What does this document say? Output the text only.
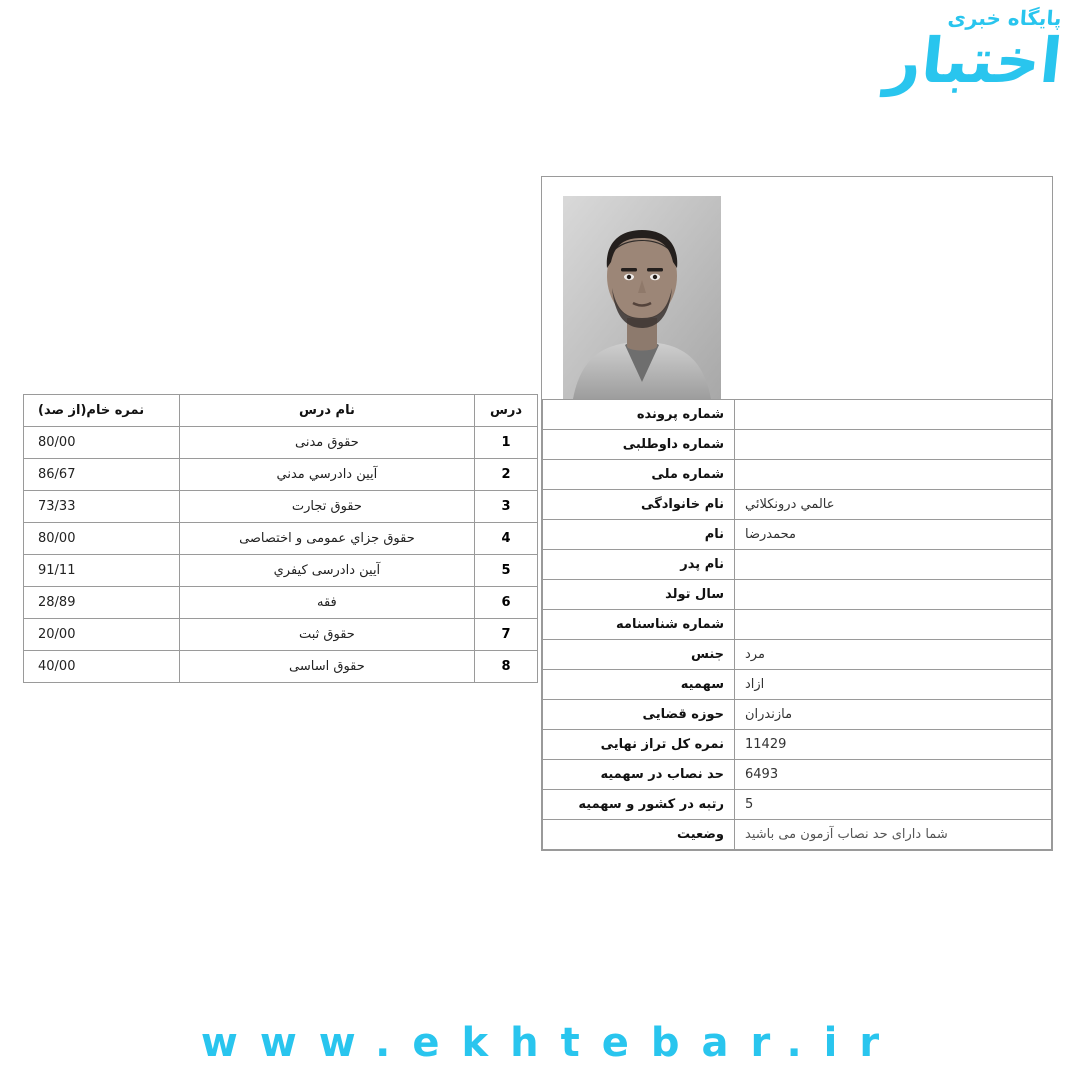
پایگاه خبری
اختبار
	شماره پرونده
	شماره داوطلبی
	شماره ملی
عالمي درونكلائي	نام خانوادگی
محمدرضا	نام
	نام پدر
	سال تولد
	شماره شناسنامه
مرد	جنس
ازاد	سهمیه
مازندران	حوزه قضایی
11429	نمره کل تراز نهایی
6493	حد نصاب در سهمیه
5	رتبه در کشور و سهمیه
شما دارای حد نصاب آزمون می باشید	وضعیت
درس	نام درس	نمره خام(از صد)
1	حقوق مدنی	80/00
2	آیین دادرسي مدني	86/67
3	حقوق تجارت	73/33
4	حقوق جزاي عمومی و اختصاصی	80/00
5	آیین دادرسی کیفري	91/11
6	فقه	28/89
7	حقوق ثبت	20/00
8	حقوق اساسی	40/00
www.ekhtebar.ir
